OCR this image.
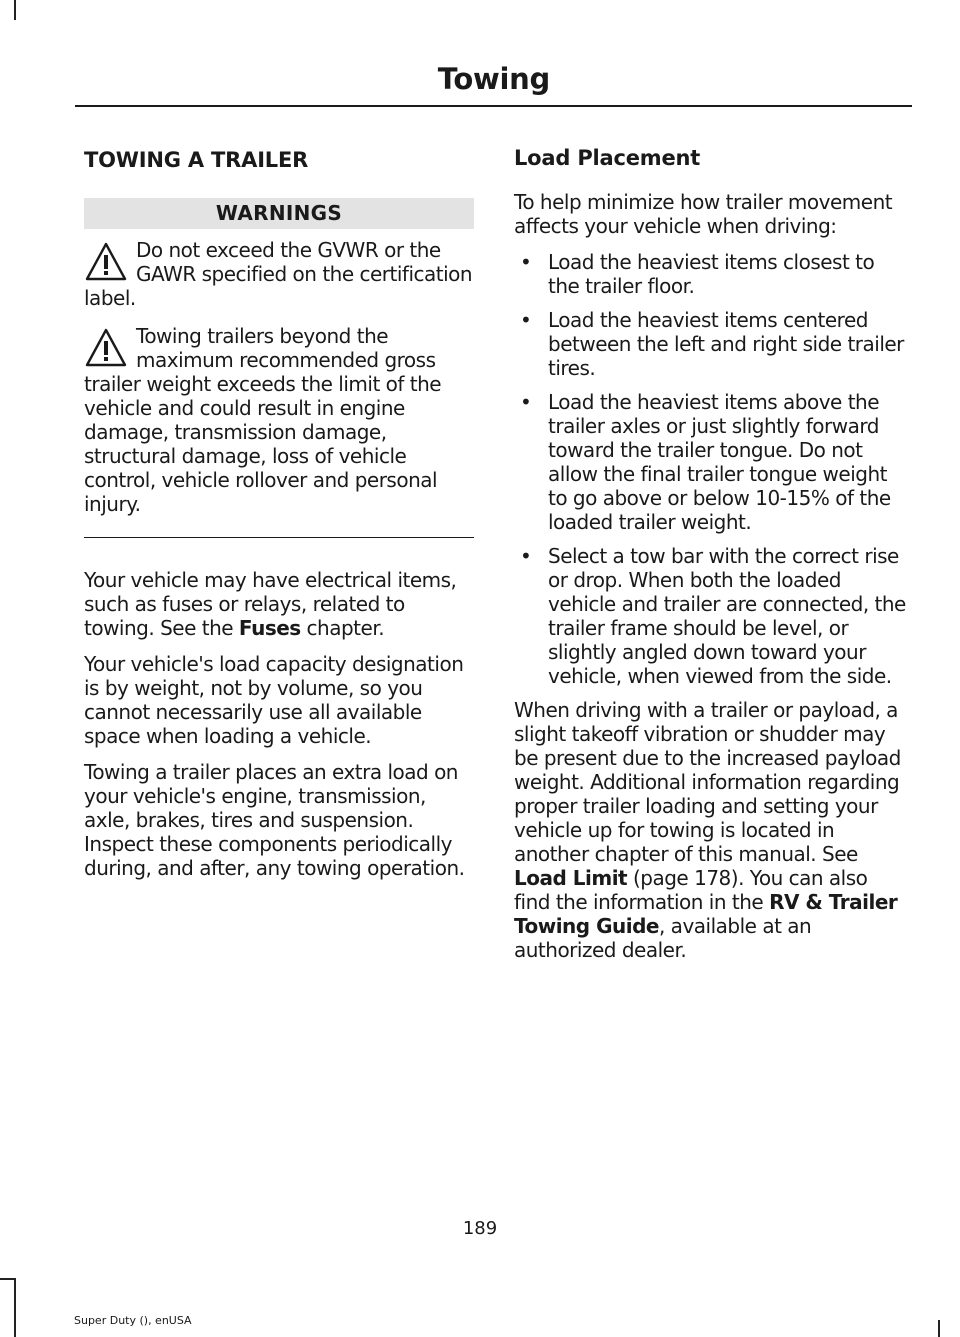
Towing
TOWING A TRAILER
WARNINGS
Do not exceed the GVWR or the GAWR specified on the certification label.
Towing trailers beyond the maximum recommended gross trailer weight exceeds the limit of the vehicle and could result in engine damage, transmission damage, structural damage, loss of vehicle control, vehicle rollover and personal injury.

Your vehicle may have electrical items, such as fuses or relays, related to towing. See the Fuses chapter.

Your vehicle's load capacity designation is by weight, not by volume, so you cannot necessarily use all available space when loading a vehicle.

Towing a trailer places an extra load on your vehicle's engine, transmission, axle, brakes, tires and suspension. Inspect these components periodically during, and after, any towing operation.

Load Placement

To help minimize how trailer movement affects your vehicle when driving:

• Load the heaviest items closest to the trailer floor.
• Load the heaviest items centered between the left and right side trailer tires.
• Load the heaviest items above the trailer axles or just slightly forward toward the trailer tongue. Do not allow the final trailer tongue weight to go above or below 10-15% of the loaded trailer weight.
• Select a tow bar with the correct rise or drop. When both the loaded vehicle and trailer are connected, the trailer frame should be level, or slightly angled down toward your vehicle, when viewed from the side.

When driving with a trailer or payload, a slight takeoff vibration or shudder may be present due to the increased payload weight. Additional information regarding proper trailer loading and setting your vehicle up for towing is located in another chapter of this manual. See Load Limit (page 178). You can also find the information in the RV & Trailer Towing Guide, available at an authorized dealer.

189
Super Duty (), enUSA
